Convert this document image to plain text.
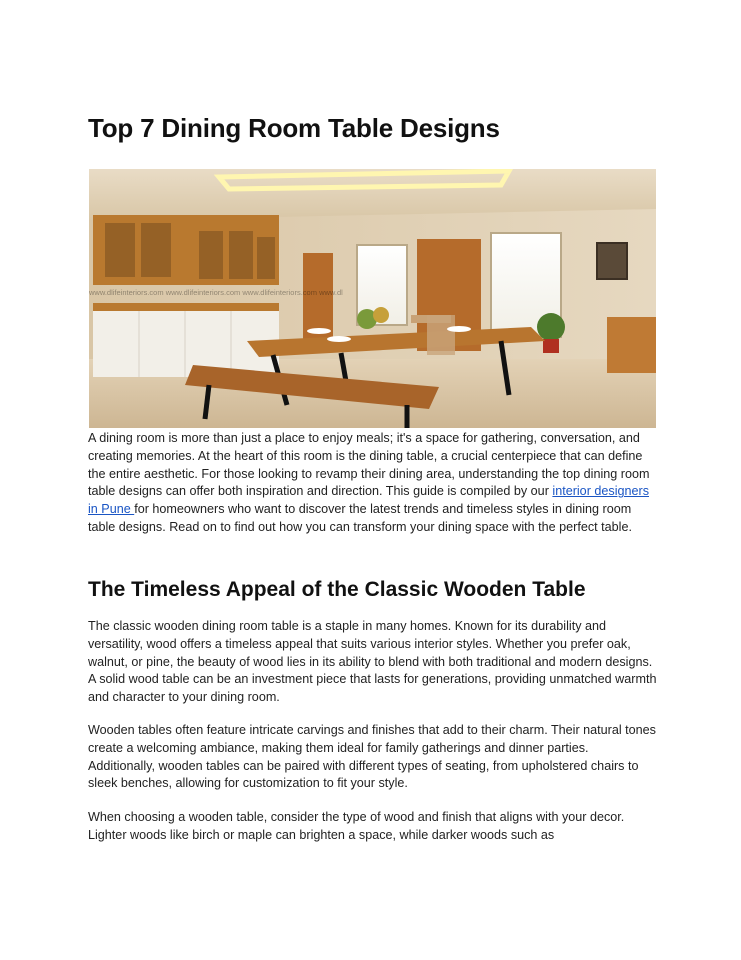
Top 7 Dining Room Table Designs
www.dlifeinteriors.com www.dlifeinteriors.com www.dlifeinteriors.com www.dl

A dining room is more than just a place to enjoy meals; it's a space for gathering, conversation, and creating memories. At the heart of this room is the dining table, a crucial centerpiece that can define the entire aesthetic. For those looking to revamp their dining area, understanding the top dining room table designs can offer both inspiration and direction. This guide is compiled by our interior designers in Pune for homeowners who want to discover the latest trends and timeless styles in dining room table designs. Read on to find out how you can transform your dining space with the perfect table.

The Timeless Appeal of the Classic Wooden Table

The classic wooden dining room table is a staple in many homes. Known for its durability and versatility, wood offers a timeless appeal that suits various interior styles. Whether you prefer oak, walnut, or pine, the beauty of wood lies in its ability to blend with both traditional and modern designs. A solid wood table can be an investment piece that lasts for generations, providing unmatched warmth and character to your dining room.

Wooden tables often feature intricate carvings and finishes that add to their charm. Their natural tones create a welcoming ambiance, making them ideal for family gatherings and dinner parties. Additionally, wooden tables can be paired with different types of seating, from upholstered chairs to sleek benches, allowing for customization to fit your style.

When choosing a wooden table, consider the type of wood and finish that aligns with your decor. Lighter woods like birch or maple can brighten a space, while darker woods such as
